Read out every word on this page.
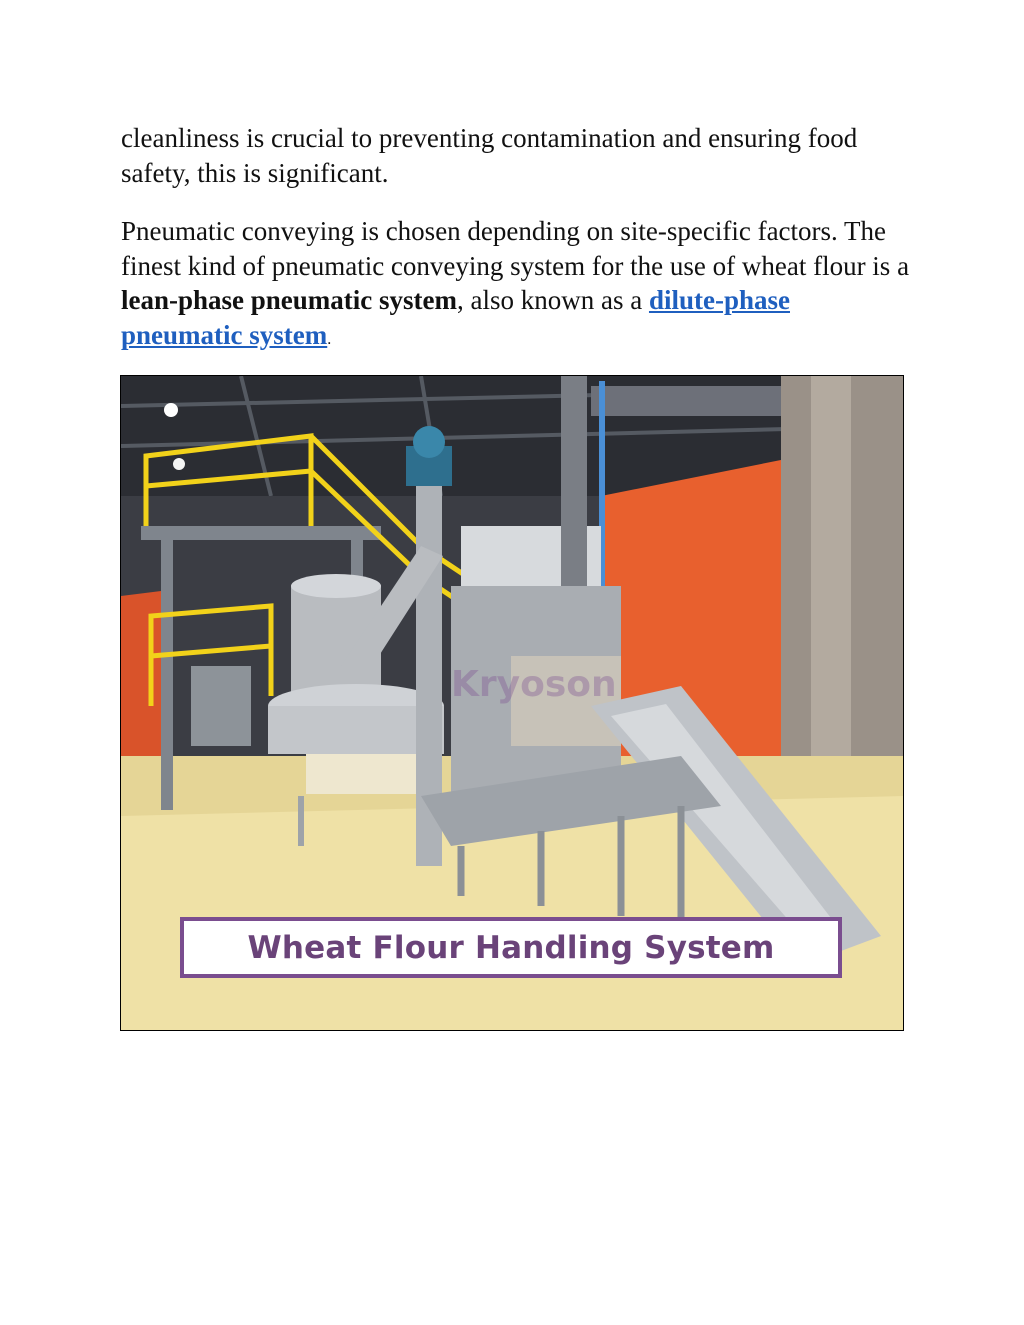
cleanliness is crucial to preventing contamination and ensuring food safety, this is significant.

Pneumatic conveying is chosen depending on site-specific factors. The finest kind of pneumatic conveying system for the use of wheat flour is a lean-phase pneumatic system, also known as a dilute-phase pneumatic system.

Kryoson
Wheat Flour Handling System
